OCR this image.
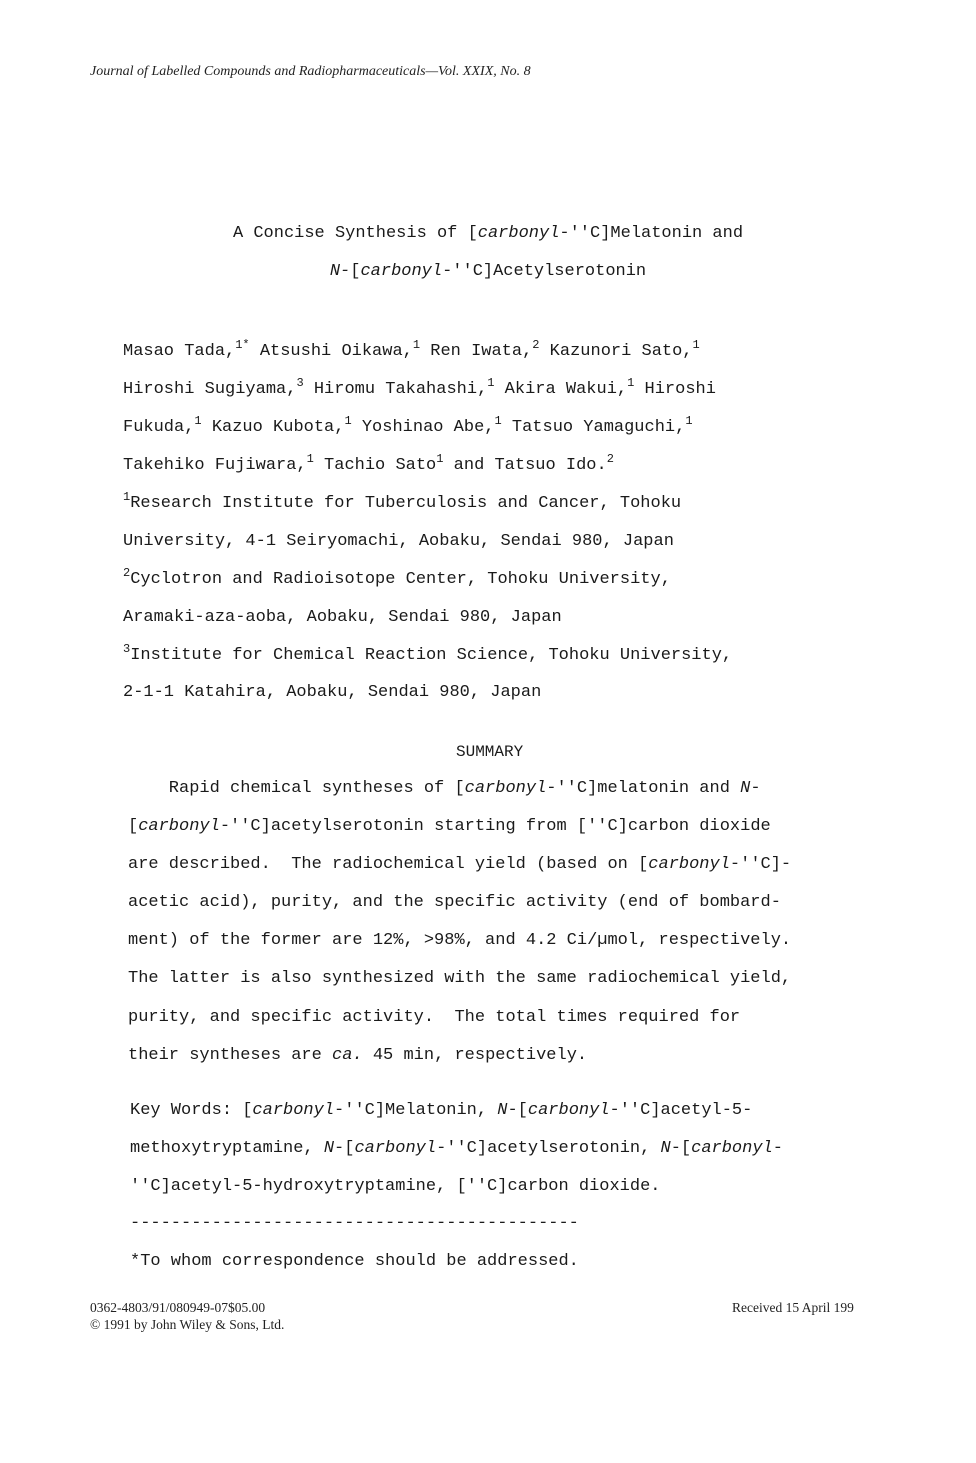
Journal of Labelled Compounds and Radiopharmaceuticals—Vol. XXIX, No. 8
A Concise Synthesis of [carbonyl-''C]Melatonin and
N-[carbonyl-''C]Acetylserotonin
Masao Tada,$^{1*}$ Atsushi Oikawa,$^1$ Ren Iwata,$^2$ Kazunori Sato,$^1$
Hiroshi Sugiyama,$^3$ Hiromu Takahashi,$^1$ Akira Wakui,$^1$ Hiroshi
Fukuda,$^1$ Kazuo Kubota,$^1$ Yoshinao Abe,$^1$ Tatsuo Yamaguchi,$^1$
Takehiko Fujiwara,$^1$ Tachio Sato$^1$ and Tatsuo Ido.$^2$
$^1$Research Institute for Tuberculosis and Cancer, Tohoku
University, 4-1 Seiryomachi, Aobaku, Sendai 980, Japan
$^2$Cyclotron and Radioisotope Center, Tohoku University,
Aramaki-aza-aoba, Aobaku, Sendai 980, Japan
$^3$Institute for Chemical Reaction Science, Tohoku University,
2-1-1 Katahira, Aobaku, Sendai 980, Japan
SUMMARY
Rapid chemical syntheses of [carbonyl-''C]melatonin and N-
[carbonyl-''C]acetylserotonin starting from [''C]carbon dioxide
are described.  The radiochemical yield (based on [carbonyl-''C]-
acetic acid), purity, and the specific activity (end of bombard-
ment) of the former are 12%, >98%, and 4.2 Ci/µmol, respectively.
The latter is also synthesized with the same radiochemical yield,
purity, and specific activity.  The total times required for
their syntheses are ca. 45 min, respectively.
Key Words: [carbonyl-''C]Melatonin, N-[carbonyl-''C]acetyl-5-
methoxytryptamine, N-[carbonyl-''C]acetylserotonin, N-[carbonyl-
''C]acetyl-5-hydroxytryptamine, [''C]carbon dioxide.
--------------------------------------------
*To whom correspondence should be addressed.
0362-4803/91/080949-07$05.00
© 1991 by John Wiley & Sons, Ltd.
Received 15 April 199
